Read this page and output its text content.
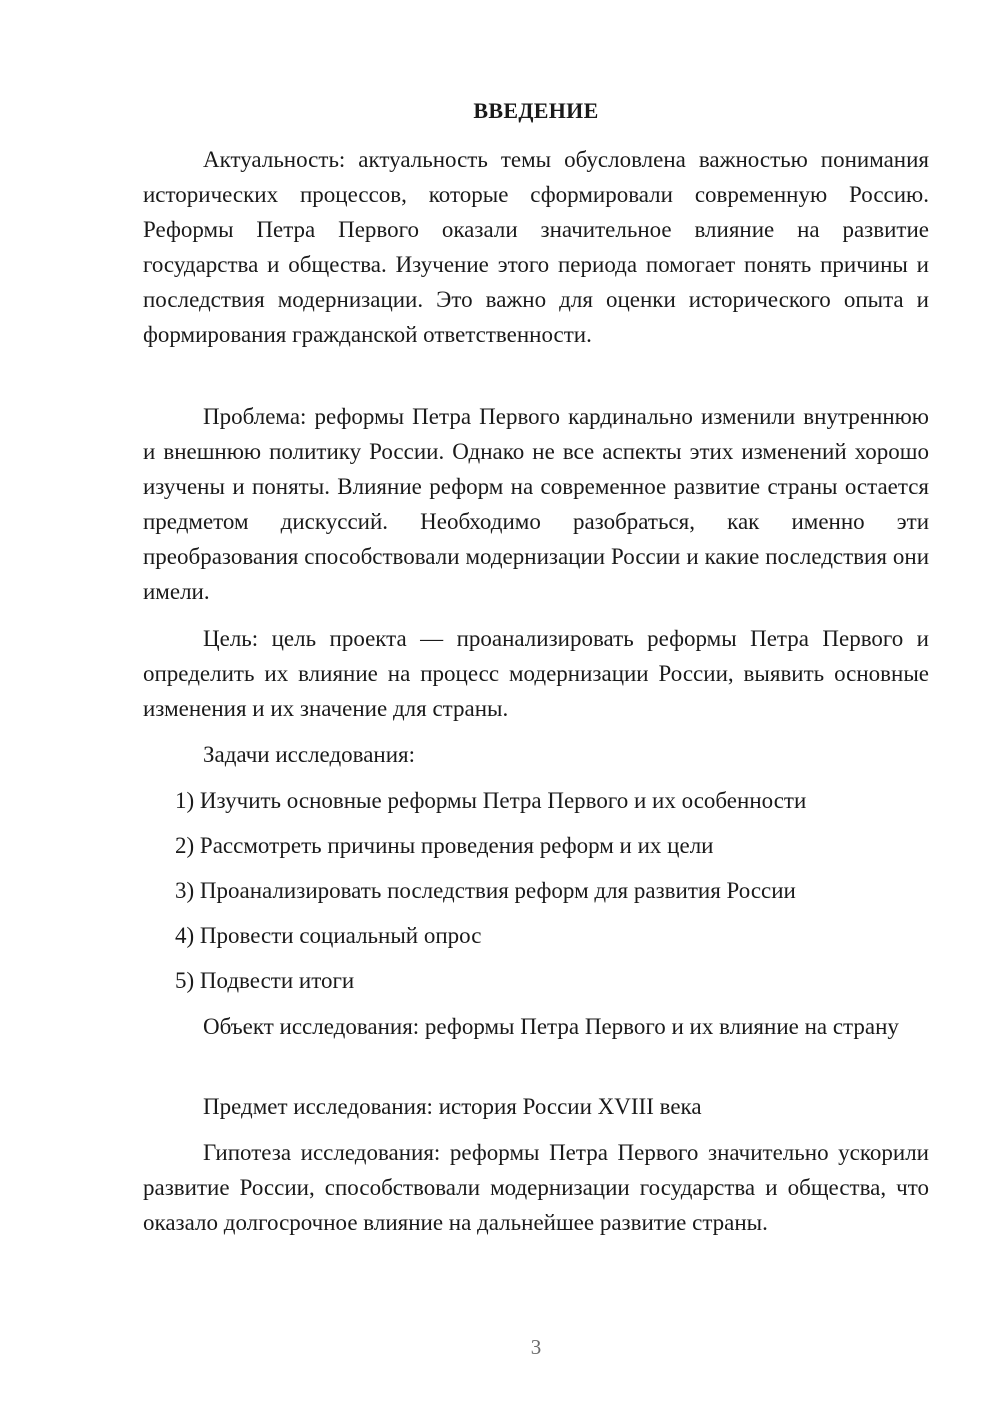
ВВЕДЕНИЕ

Актуальность: актуальность темы обусловлена важностью понимания исторических процессов, которые сформировали современную Россию. Реформы Петра Первого оказали значительное влияние на развитие государства и общества. Изучение этого периода помогает понять причины и последствия модернизации. Это важно для оценки исторического опыта и формирования гражданской ответственности.

Проблема: реформы Петра Первого кардинально изменили внутреннюю и внешнюю политику России. Однако не все аспекты этих изменений хорошо изучены и поняты. Влияние реформ на современное развитие страны остается предметом дискуссий. Необходимо разобраться, как именно эти преобразования способствовали модернизации России и какие последствия они имели.

Цель: цель проекта — проанализировать реформы Петра Первого и определить их влияние на процесс модернизации России, выявить основные изменения и их значение для страны.

Задачи исследования:

1) Изучить основные реформы Петра Первого и их особенности

2) Рассмотреть причины проведения реформ и их цели

3) Проанализировать последствия реформ для развития России

4) Провести социальный опрос

5) Подвести итоги

Объект исследования: реформы Петра Первого и их влияние на страну

Предмет исследования: история России XVIII века

Гипотеза исследования: реформы Петра Первого значительно ускорили развитие России, способствовали модернизации государства и общества, что оказало долгосрочное влияние на дальнейшее развитие страны.

3
